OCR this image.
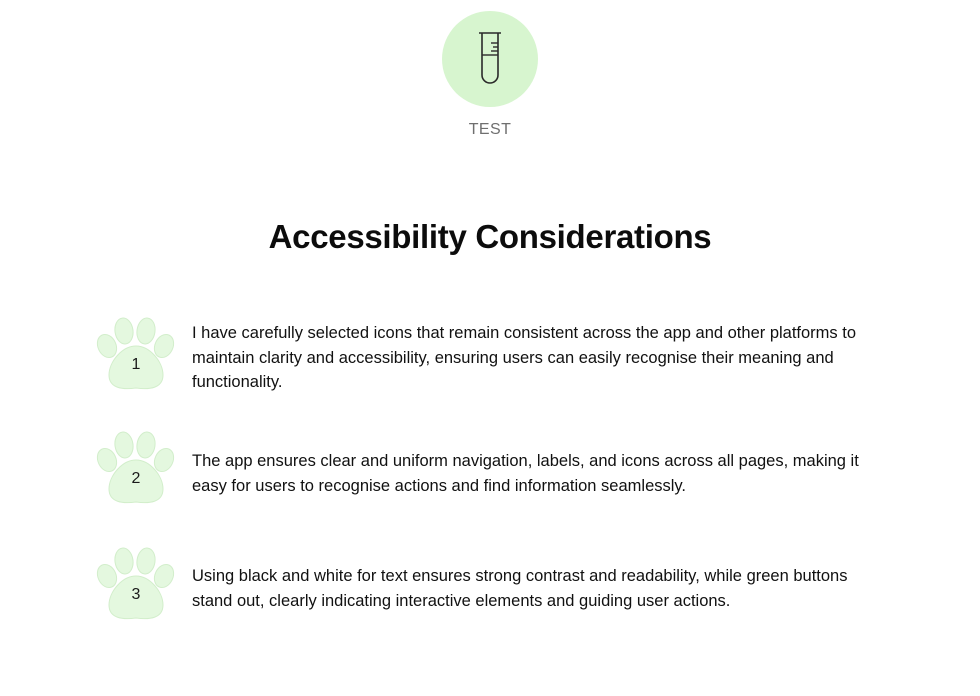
TEST
Accessibility Considerations
1

I have carefully selected icons that remain consistent across the app and other platforms to maintain clarity and accessibility, ensuring users can easily recognise their meaning and functionality.

2

The app ensures clear and uniform navigation, labels, and icons across all pages, making it easy for users to recognise actions and find information seamlessly.

3

Using black and white for text ensures strong contrast and readability, while green buttons stand out, clearly indicating interactive elements and guiding user actions.
